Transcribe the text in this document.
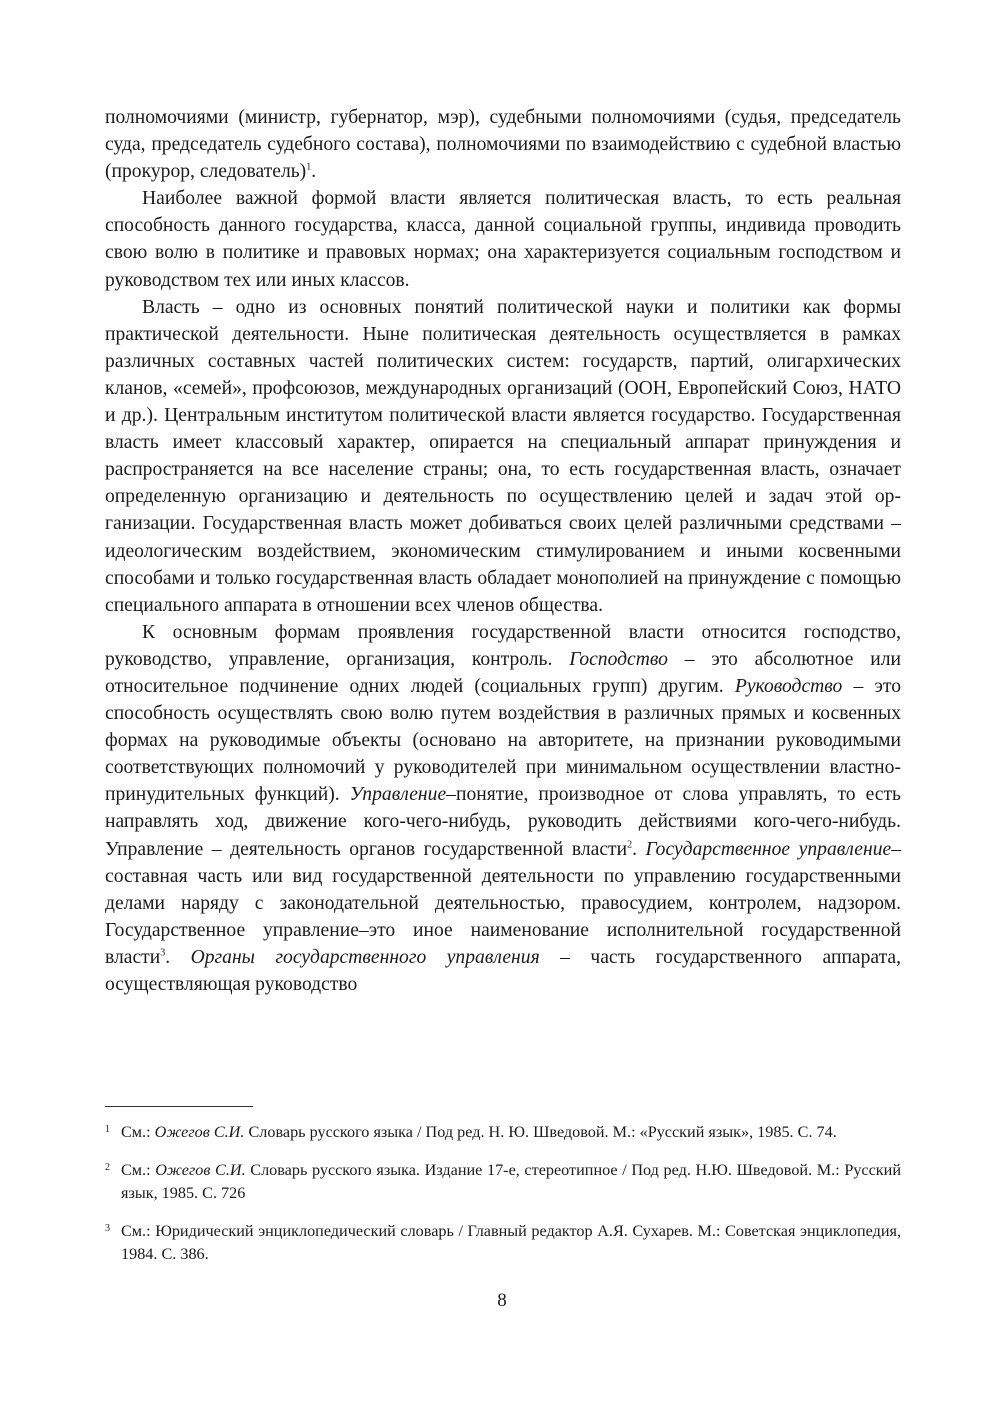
полномочиями (министр, губернатор, мэр), судебными полномочиями (судья, председатель суда, председатель судебного состава), полномочиями по взаимодействию с судебной властью (прокурор, следователь)$^1$.

Наиболее важной формой власти является политическая власть, то есть реальная способность данного государства, класса, данной социальной группы, индивида проводить свою волю в политике и правовых нормах; она характеризуется социальным господством и руководством тех или иных классов.

Власть – одно из основных понятий политической науки и политики как формы практической деятельности. Ныне политическая деятельность осуществляется в рамках различных составных частей политических систем: государств, партий, олигархических кланов, «семей», профсоюзов, международных организаций (ООН, Европейский Союз, НАТО и др.). Центральным институтом политической власти является государство. Государственная власть имеет классовый характер, опирается на специальный аппарат принуждения и распространяется на все население страны; она, то есть государственная власть, означает определенную организацию и деятельность по осуществлению целей и задач этой организации. Государственная власть может добиваться своих целей различными средствами – идеологическим воздействием, экономическим стимулированием и иными косвенными способами и только государственная власть обладает монополией на принуждение с помощью специального аппарата в отношении всех членов общества.

К основным формам проявления государственной власти относится господство, руководство, управление, организация, контроль. Господство – это абсолютное или относительное подчинение одних людей (социальных групп) другим. Руководство – это способность осуществлять свою волю путем воздействия в различных прямых и косвенных формах на руководимые объекты (основано на авторитете, на признании руководимыми соответствующих полномочий у руководителей при минимальном осуществлении властно-принудительных функций). Управление–понятие, производное от слова управлять, то есть направлять ход, движение кого-чего-нибудь, руководить действиями кого-чего-нибудь. Управление – деятельность органов государственной власти$^2$. Государственное управление–составная часть или вид государственной деятельности по управлению государственными делами наряду с законодательной деятельностью, правосудием, контролем, надзором. Государственное управление–это иное наименование исполнительной государственной власти$^3$. Органы государственного управления – часть государственного аппарата, осуществляющая руководство

1 См.: Ожегов С.И. Словарь русского языка / Под ред. Н. Ю. Шведовой. М.: «Русский язык», 1985. С. 74.
2 См.: Ожегов С.И. Словарь русского языка. Издание 17-е, стереотипное / Под ред. Н.Ю. Шведовой. М.: Русский язык, 1985. С. 726
3 См.: Юридический энциклопедический словарь / Главный редактор А.Я. Сухарев. М.: Советская энциклопедия, 1984. С. 386.
8
